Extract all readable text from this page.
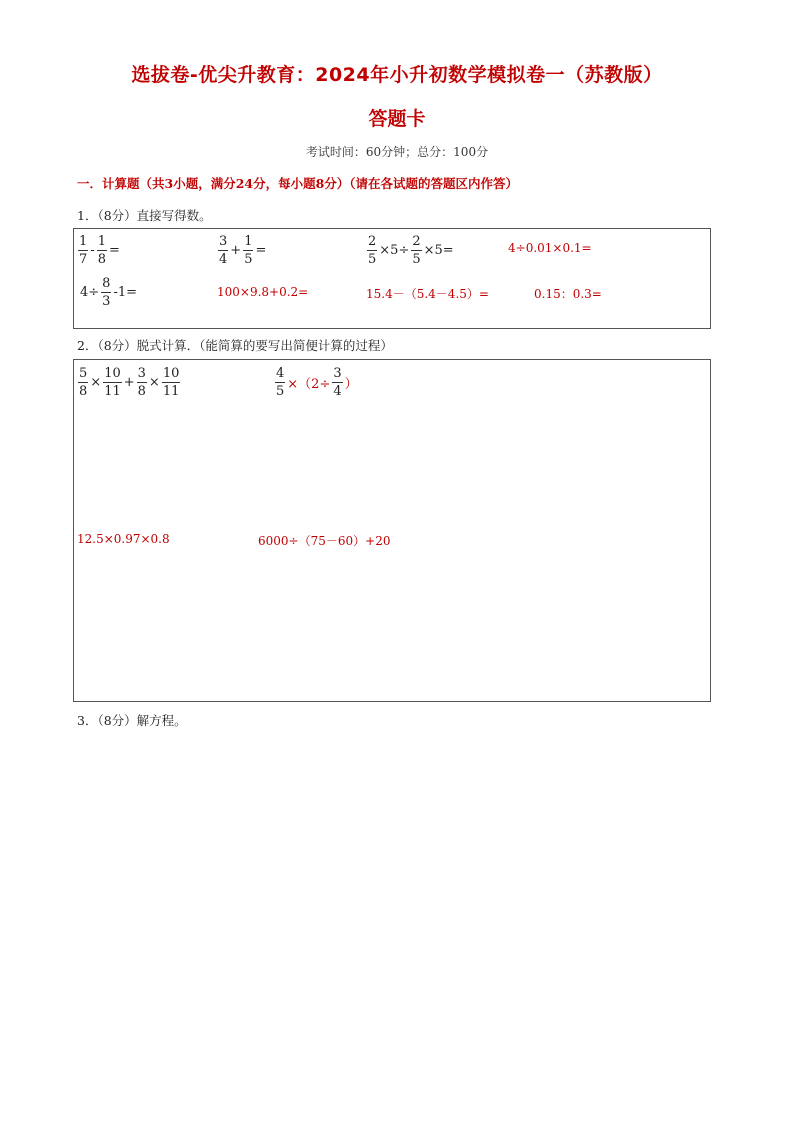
选拔卷-优尖升教育：2024年小升初数学模拟卷一（苏教版）
答题卡
考试时间：60分钟；总分：100分
一．计算题（共3小题，满分24分，每小题8分）（请在各试题的答题区内作答）
1．（8分）直接写得数。
$\frac{1}{7} - \frac{1}{8}$ =	$\frac{3}{4} + \frac{1}{5}$ =	$\frac{2}{5} \times 5\div \frac{2}{5} \times 5=$	4÷0.01×0.1=
$4\div \frac{8}{3} -1=$	100×9.8+0.2=	15.4－（5.4－4.5）=	0.15：0.3=
2．（8分）脱式计算．（能简算的要写出简便计算的过程）
$\frac{5}{8} \times \frac{10}{11} + \frac{3}{8} \times \frac{10}{11}$	$\frac{4}{5} \times(2\div \frac{3}{4}$ ）
12.5×0.97×0.8	6000÷（75－60）+20
3．（8分）解方程。
